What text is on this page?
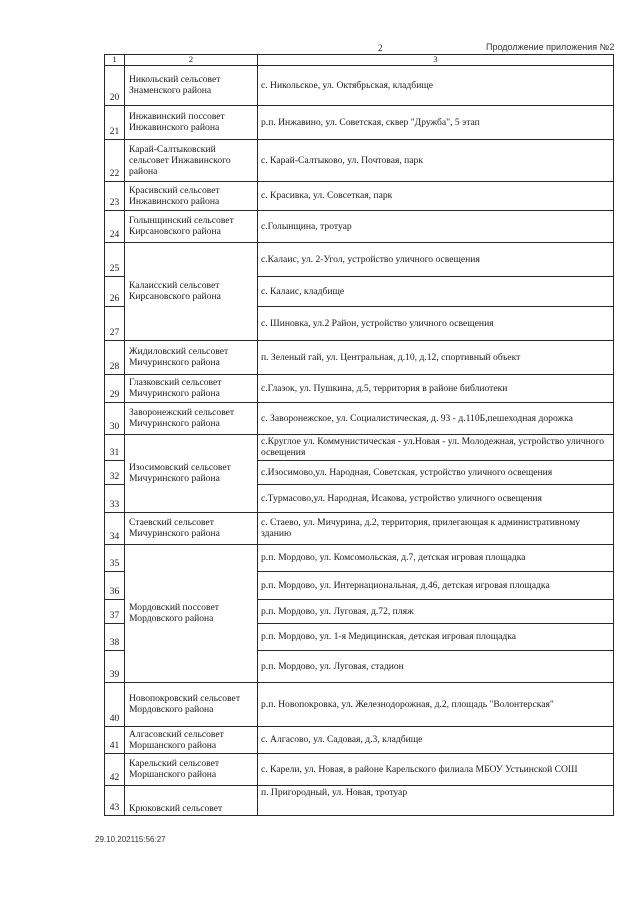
2	Продолжение приложения №2
1	2	3
20	Никольский сельсовет Знаменского района	с. Никольское, ул. Октябрьская, кладбище
21	Инжавинский поссовет Инжавинского района	р.п. Инжавино, ул. Советская, сквер "Дружба", 5 этап
22	Карай-Салтыковский сельсовет Инжавинского района	с. Карай-Салтыково, ул. Почтовая, парк
23	Красивский сельсовет Инжавинского района	с. Красивка, ул. Совсеткая, парк
24	Голынщинский сельсовет Кирсановского района	с.Голынщина, тротуар
25	Калаисский сельсовет Кирсановского района	с.Калаис, ул. 2-Угол, устройство уличного освещения
26		с. Калаис, кладбище
27		с. Шиновка, ул.2 Район, устройство уличного освещения
28	Жидиловский сельсовет Мичуринского района	п. Зеленый гай, ул. Центральная, д.10, д.12, спортивный объект
29	Глазковский сельсовет Мичуринского района	с.Глазок, ул. Пушкина, д.5, территория в районе библиотеки
30	Заворонежский сельсовет Мичуринского района	с. Заворонежское, ул. Социалистическая, д. 93 - д.110Б,пешеходная дорожка
31	Изосимовский сельсовет Мичуринского района	с.Круглое ул. Коммунистическая - ул.Новая - ул. Молодежная, устройство уличного освещения
32		с.Изосимово,ул. Народная, Советская, устройство уличного освещения
33		с.Турмасово,ул. Народная, Исакова, устройство уличного освещения
34	Стаевский сельсовет Мичуринского района	с. Стаево, ул. Мичурина, д.2, территория, прилегающая к административному зданию
35	Мордовский поссовет Мордовского района	р.п. Мордово, ул. Комсомольская, д.7, детская игровая площадка
36		р.п. Мордово, ул. Интернациональная, д.46, детская игровая площадка
37		р.п. Мордово, ул. Луговая, д.72, пляж
38		р.п. Мордово, ул. 1-я Медицинская, детская игровая площадка
39		р.п. Мордово, ул. Луговая, стадион
40	Новопокровский сельсовет Мордовского района	р.п. Новопокровка, ул. Железнодорожная, д.2, площадь "Волонтерская"
41	Алгасовский сельсовет Моршанского района	с. Алгасово, ул. Садовая, д.3, кладбище
42	Карельский сельсовет Моршанского района	с. Карели, ул. Новая, в районе Карельского филиала МБОУ Устьинской СОШ
43	Крюковский сельсовет	п. Пригородный, ул. Новая, тротуар
29.10.202115:56:27
